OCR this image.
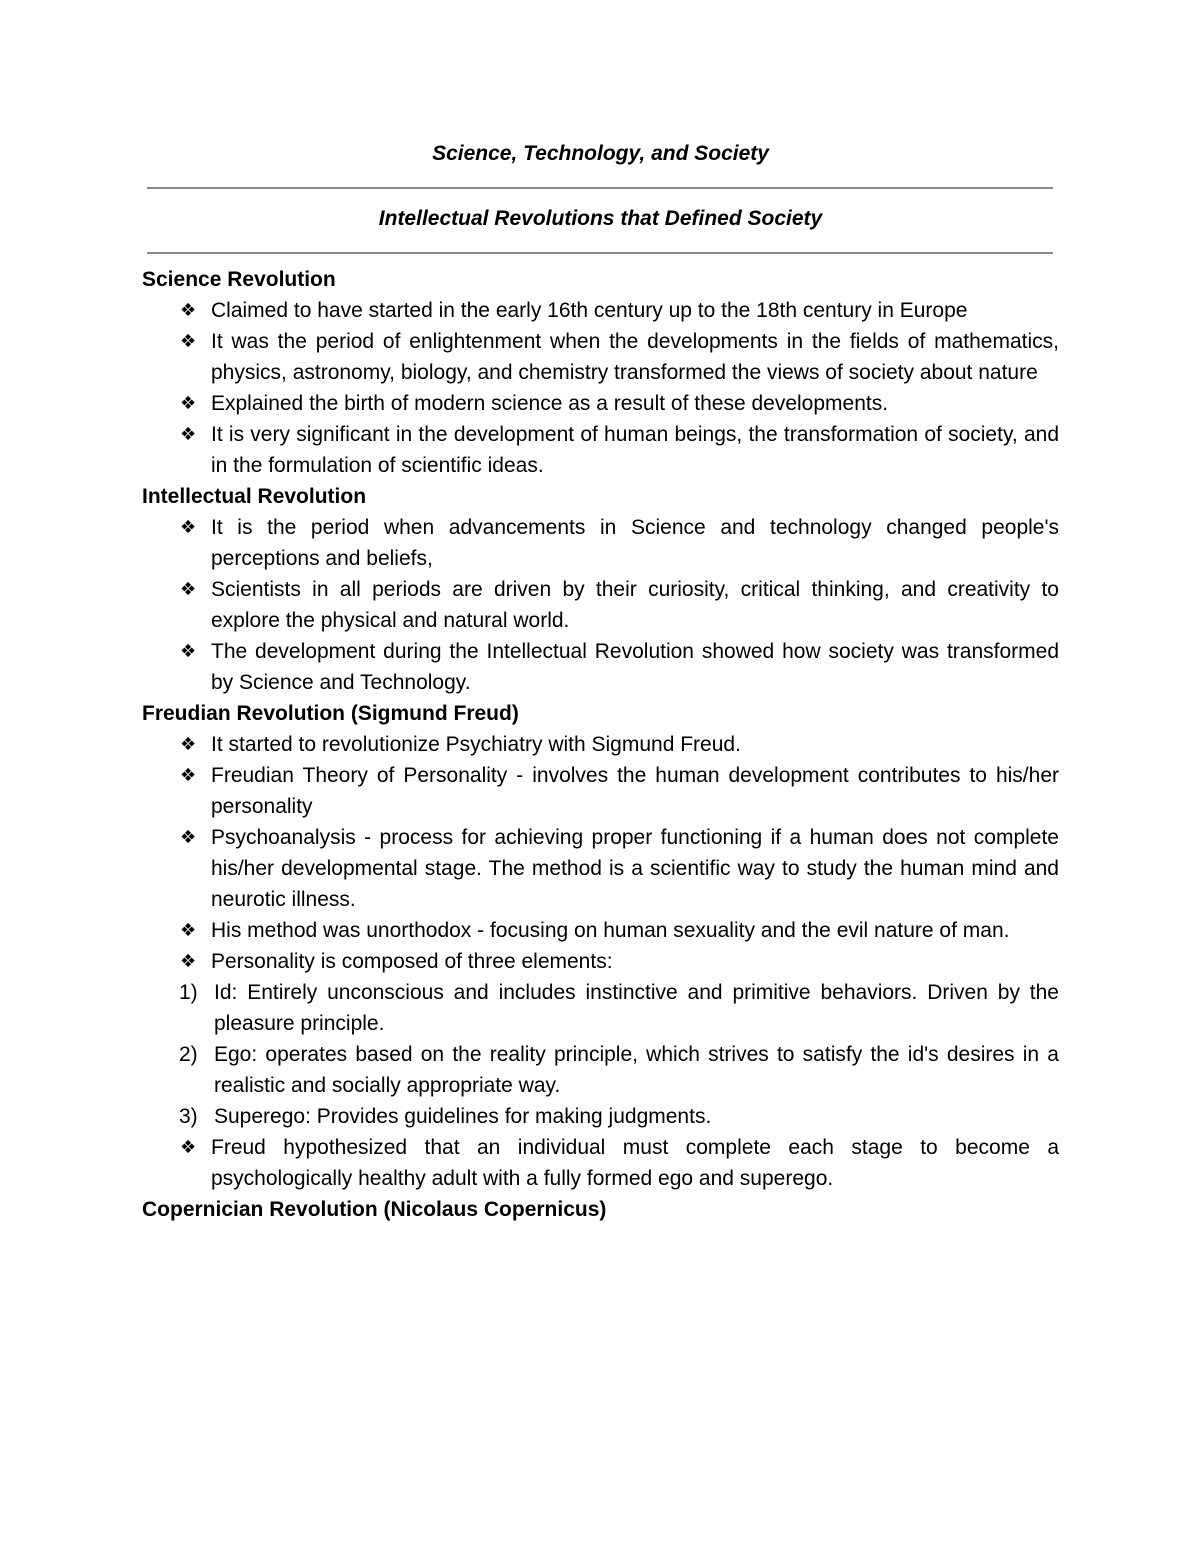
Science, Technology, and Society
Intellectual Revolutions that Defined Society
Science Revolution
❖ Claimed to have started in the early 16th century up to the 18th century in Europe
❖ It was the period of enlightenment when the developments in the fields of mathematics, physics, astronomy, biology, and chemistry transformed the views of society about nature
❖ Explained the birth of modern science as a result of these developments.
❖ It is very significant in the development of human beings, the transformation of society, and in the formulation of scientific ideas.
Intellectual Revolution
❖ It is the period when advancements in Science and technology changed people's perceptions and beliefs,
❖ Scientists in all periods are driven by their curiosity, critical thinking, and creativity to explore the physical and natural world.
❖ The development during the Intellectual Revolution showed how society was transformed by Science and Technology.
Freudian Revolution (Sigmund Freud)
❖ It started to revolutionize Psychiatry with Sigmund Freud.
❖ Freudian Theory of Personality - involves the human development contributes to his/her personality
❖ Psychoanalysis - process for achieving proper functioning if a human does not complete his/her developmental stage. The method is a scientific way to study the human mind and neurotic illness.
❖ His method was unorthodox - focusing on human sexuality and the evil nature of man.
❖ Personality is composed of three elements:
1) Id: Entirely unconscious and includes instinctive and primitive behaviors. Driven by the pleasure principle.
2) Ego: operates based on the reality principle, which strives to satisfy the id's desires in a realistic and socially appropriate way.
3) Superego: Provides guidelines for making judgments.
❖ Freud hypothesized that an individual must complete each stage to become a psychologically healthy adult with a fully formed ego and superego.
Copernician Revolution (Nicolaus Copernicus)
